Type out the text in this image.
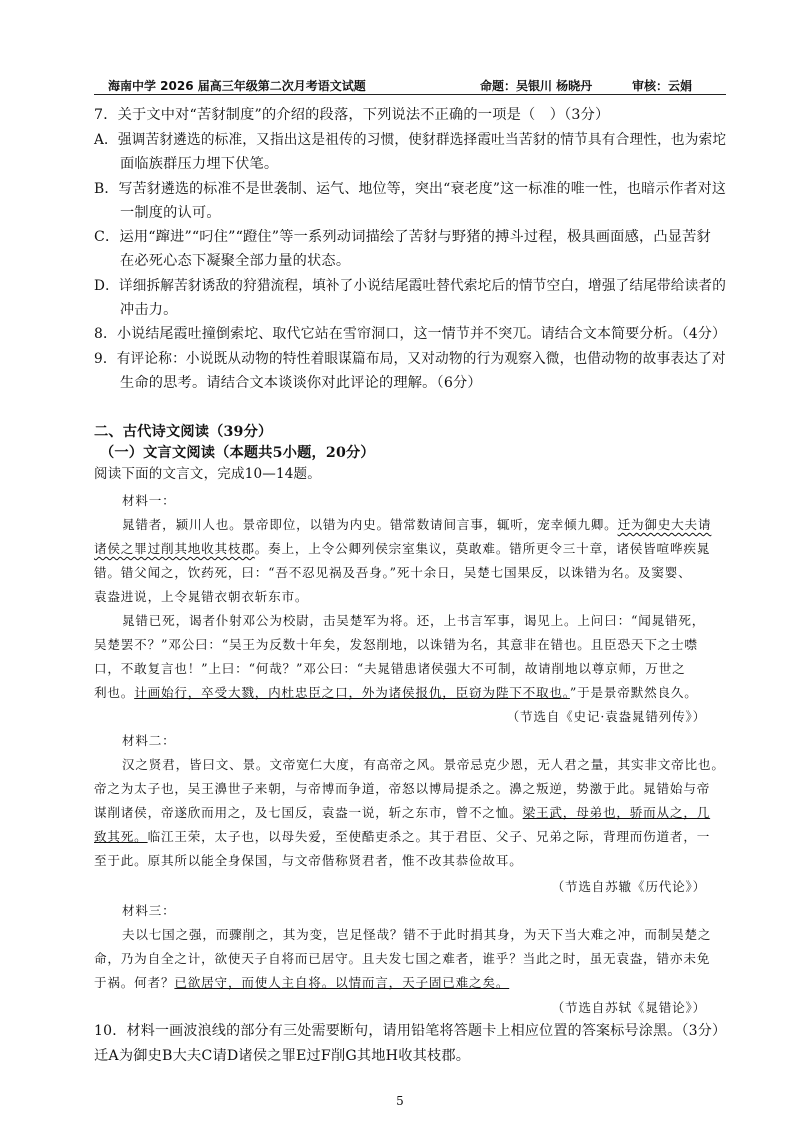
海南中学 2026 届高三年级第二次月考语文试题	命题：吴银川 杨晓丹	审核：云娟
7．关于文中对“苦豺制度”的介绍的段落，下列说法不正确的一项是（　）（3分）
A．强调苦豺遴选的标准，又指出这是祖传的习惯，使豺群选择霞吐当苦豺的情节具有合理性，也为索坨
面临族群压力埋下伏笔。
B．写苦豺遴选的标准不是世袭制、运气、地位等，突出“衰老度”这一标准的唯一性，也暗示作者对这
一制度的认可。
C．运用“蹿进”“叼住”“蹬住”等一系列动词描绘了苦豺与野猪的搏斗过程，极具画面感，凸显苦豺
在必死心态下凝聚全部力量的状态。
D．详细拆解苦豺诱敌的狩猎流程，填补了小说结尾霞吐替代索坨后的情节空白，增强了结尾带给读者的
冲击力。
8．小说结尾霞吐撞倒索坨、取代它站在雪帘洞口，这一情节并不突兀。请结合文本简要分析。（4分）
9．有评论称：小说既从动物的特性着眼谋篇布局，又对动物的行为观察入微，也借动物的故事表达了对
生命的思考。请结合文本谈谈你对此评论的理解。（6分）
二、古代诗文阅读（39分）
（一）文言文阅读（本题共5小题，20分）
阅读下面的文言文，完成10—14题。
材料一：
晁错者，颍川人也。景帝即位，以错为内史。错常数请间言事，辄听，宠幸倾九卿。迁为御史大夫请
诸侯之罪过削其地收其枝郡。奏上，上令公卿列侯宗室集议，莫敢难。错所更令三十章，诸侯皆喧哗疾晁
错。错父闻之，饮药死，曰：“吾不忍见祸及吾身。”死十余日，吴楚七国果反，以诛错为名。及窦婴、
袁盎进说，上令晁错衣朝衣斩东市。
晁错已死，谒者仆射邓公为校尉，击吴楚军为将。还，上书言军事，谒见上。上问曰：“闻晁错死，
吴楚罢不？”邓公曰：“吴王为反数十年矣，发怒削地，以诛错为名，其意非在错也。且臣恐天下之士噤
口，不敢复言也！”上曰：“何哉？”邓公曰：“夫晁错患诸侯强大不可制，故请削地以尊京师，万世之
利也。计画始行，卒受大戮，内杜忠臣之口，外为诸侯报仇，臣窃为陛下不取也。”于是景帝默然良久。
（节选自《史记·袁盎晁错列传》）
材料二：
汉之贤君，皆曰文、景。文帝宽仁大度，有高帝之风。景帝忌克少恩，无人君之量，其实非文帝比也。
帝之为太子也，吴王濞世子来朝，与帝博而争道，帝怒以博局提杀之。濞之叛逆，势激于此。晁错始与帝
谋削诸侯，帝遂欣而用之，及七国反，袁盎一说，斩之东市，曾不之恤。梁王武，母弟也，骄而从之，几
致其死。临江王荣，太子也，以母失爱，至使酷吏杀之。其于君臣、父子、兄弟之际，背理而伤道者，一
至于此。原其所以能全身保国，与文帝偕称贤君者，惟不改其恭俭故耳。
（节选自苏辙《历代论》）
材料三：
夫以七国之强，而骤削之，其为变，岂足怪哉？错不于此时捐其身，为天下当大难之冲，而制吴楚之
命，乃为自全之计，欲使天子自将而已居守。且夫发七国之难者，谁乎？当此之时，虽无袁盎，错亦未免
于祸。何者？已欲居守，而使人主自将。以情而言，天子固已难之矣。
（节选自苏轼《晁错论》）
10．材料一画波浪线的部分有三处需要断句，请用铅笔将答题卡上相应位置的答案标号涂黑。（3分）
迁A为御史B大夫C请D诸侯之罪E过F削G其地H收其枝郡。
5
